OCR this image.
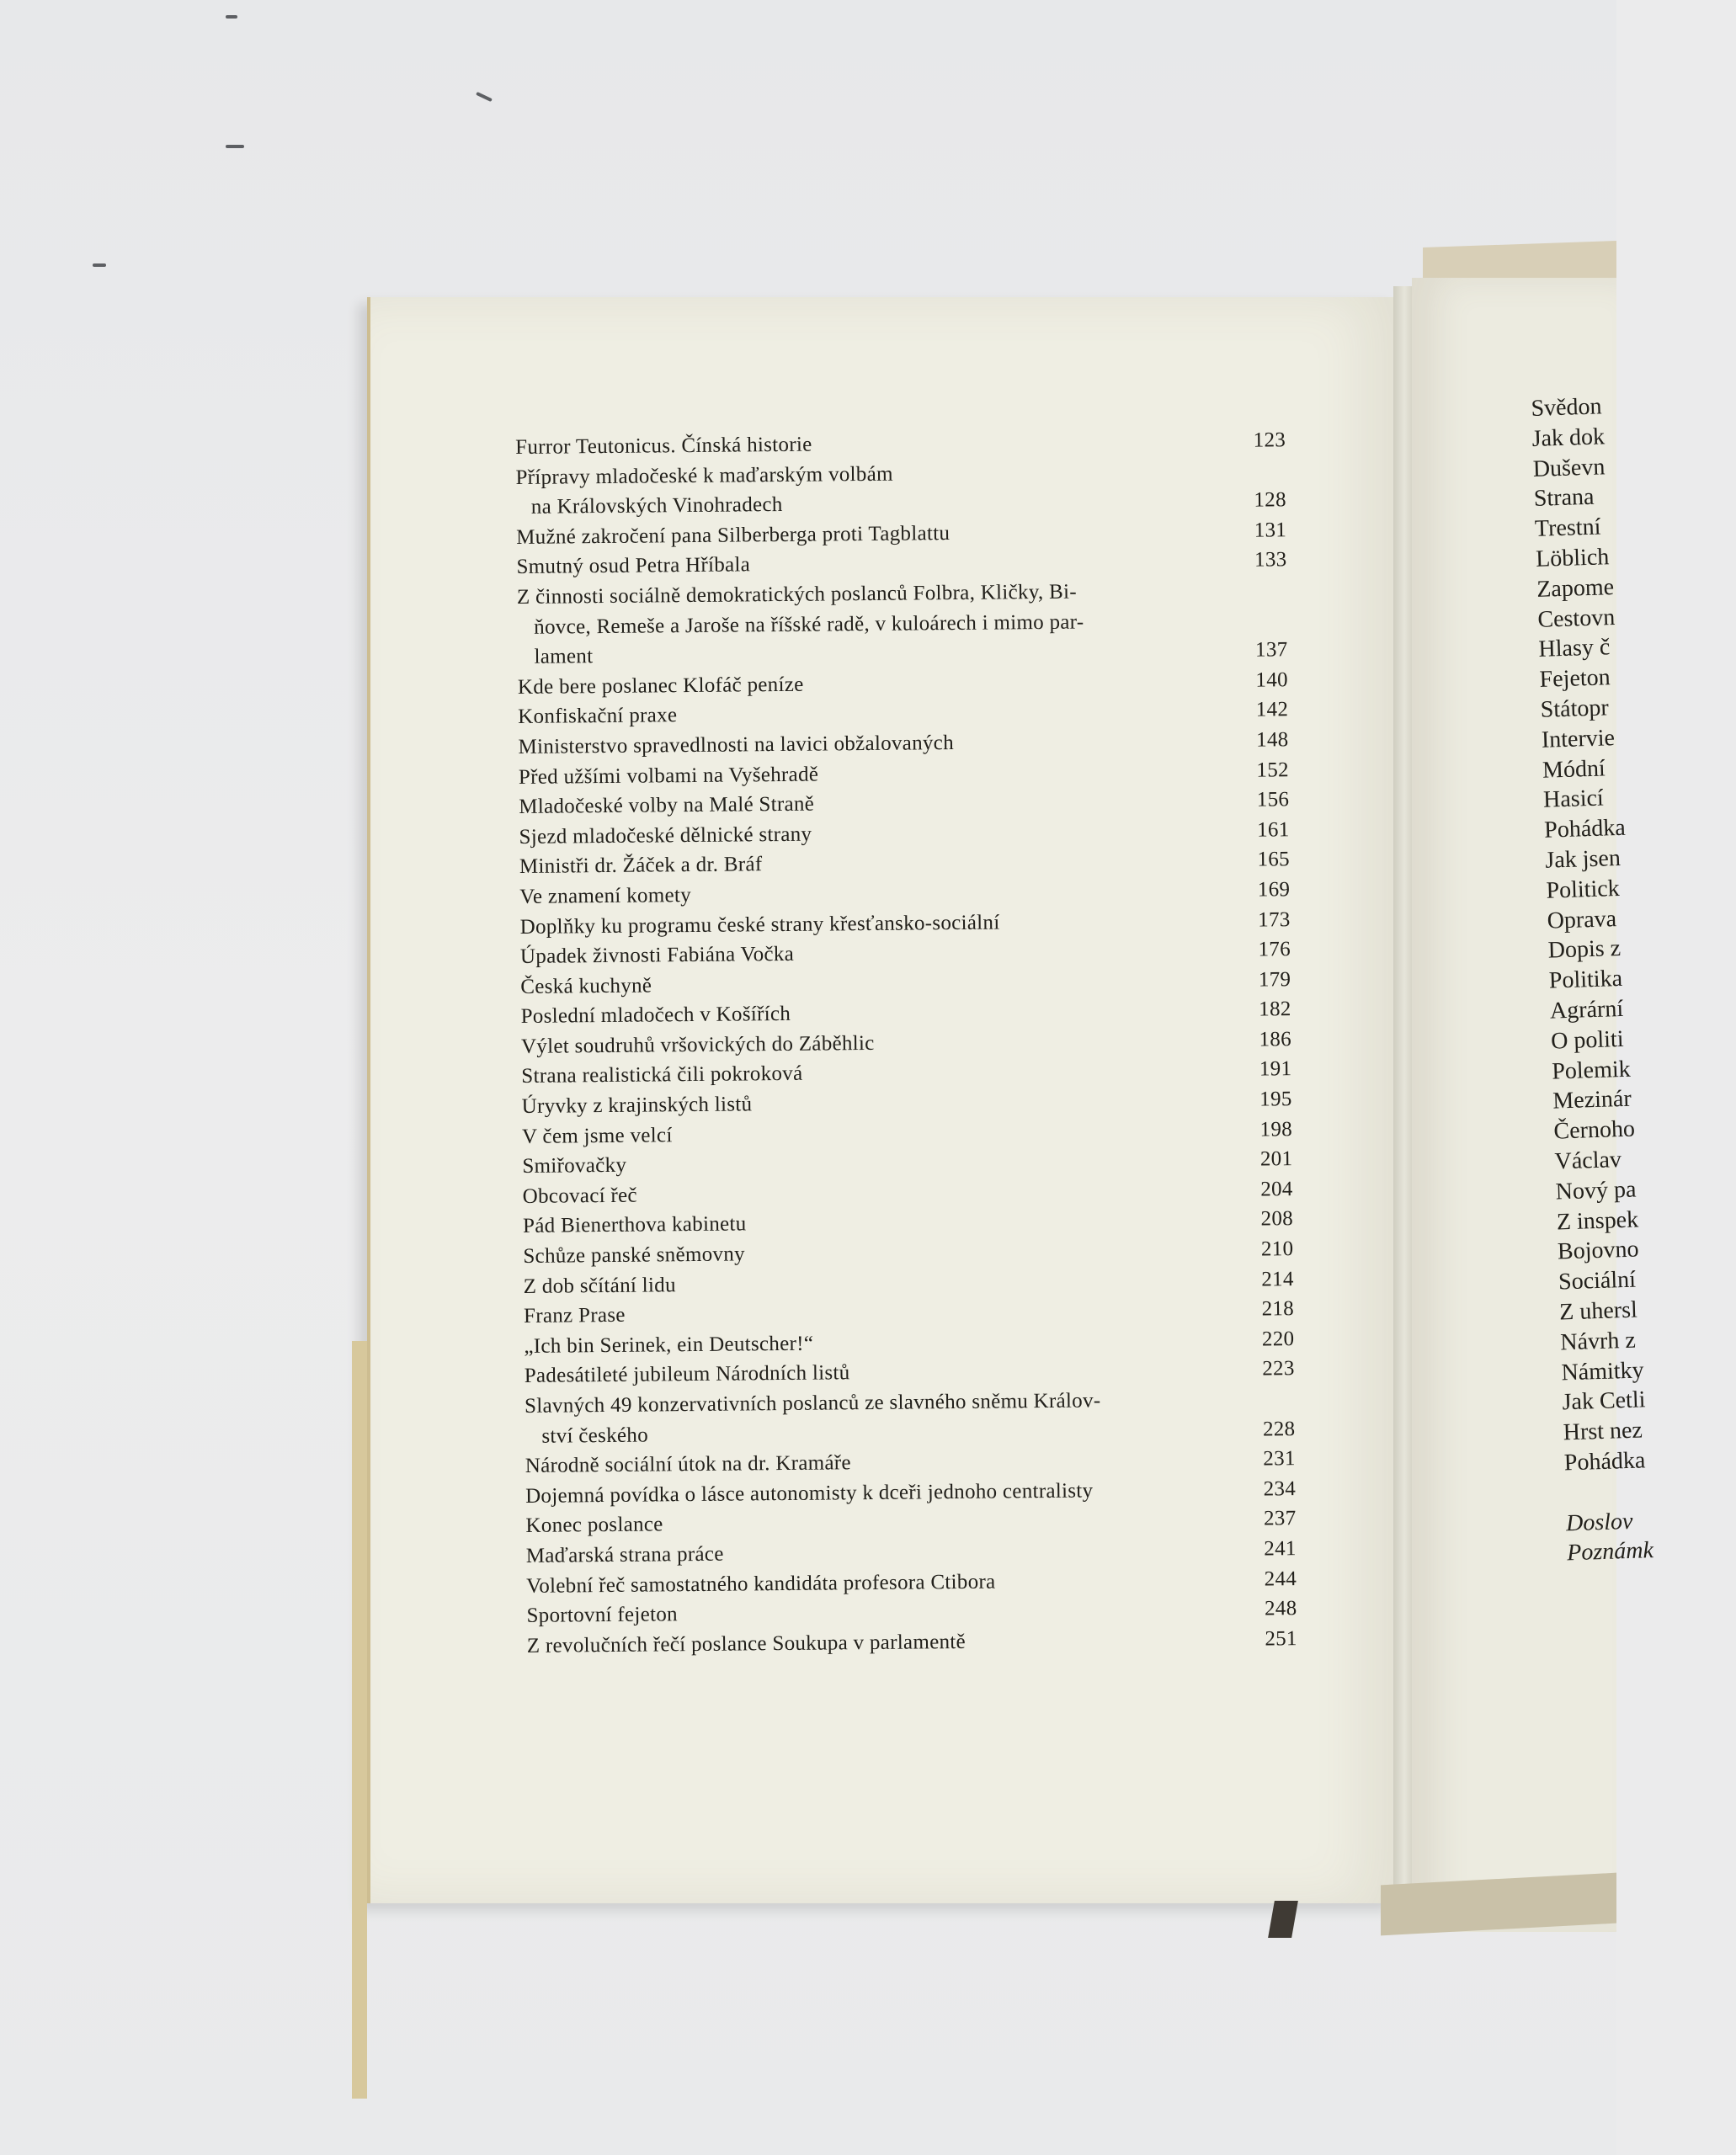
Furror Teutonicus. Čínská historie	123
Přípravy mladočeské k maďarským volbám
na Královských Vinohradech	128
Mužné zakročení pana Silberberga proti Tagblattu	131
Smutný osud Petra Hříbala	133
Z činnosti sociálně demokratických poslanců Folbra, Kličky, Bi-
ňovce, Remeše a Jaroše na říšské radě, v kuloárech i mimo par-
lament	137
Kde bere poslanec Klofáč peníze	140
Konfiskační praxe	142
Ministerstvo spravedlnosti na lavici obžalovaných	148
Před užšími volbami na Vyšehradě	152
Mladočeské volby na Malé Straně	156
Sjezd mladočeské dělnické strany	161
Ministři dr. Žáček a dr. Bráf	165
Ve znamení komety	169
Doplňky ku programu české strany křesťansko-sociální	173
Úpadek živnosti Fabiána Vočka	176
Česká kuchyně	179
Poslední mladočech v Košířích	182
Výlet soudruhů vršovických do Záběhlic	186
Strana realistická čili pokroková	191
Úryvky z krajinských listů	195
V čem jsme velcí	198
Smiřovačky	201
Obcovací řeč	204
Pád Bienerthova kabinetu	208
Schůze panské sněmovny	210
Z dob sčítání lidu	214
Franz Prase	218
„Ich bin Serinek, ein Deutscher!“	220
Padesátileté jubileum Národních listů	223
Slavných 49 konzervativních poslanců ze slavného sněmu Králov-
ství českého	228
Národně sociální útok na dr. Kramáře	231
Dojemná povídka o lásce autonomisty k dceři jednoho centralisty	234
Konec poslance	237
Maďarská strana práce	241
Volební řeč samostatného kandidáta profesora Ctibora	244
Sportovní fejeton	248
Z revolučních řečí poslance Soukupa v parlamentě	251
Svědon
Jak dok
Duševn
Strana
Trestní
Löblich
Zapome
Cestovn
Hlasy č
Fejeton
Státopr
Intervie
Módní
Hasicí
Pohádka
Jak jsen
Politick
Oprava
Dopis z
Politika
Agrární
O politi
Polemik
Mezinár
Černoho
Václav
Nový pa
Z inspek
Bojovno
Sociální
Z uhersl
Návrh z
Námitky
Jak Cetli
Hrst nez
Pohádka
Doslov
Poznámk
